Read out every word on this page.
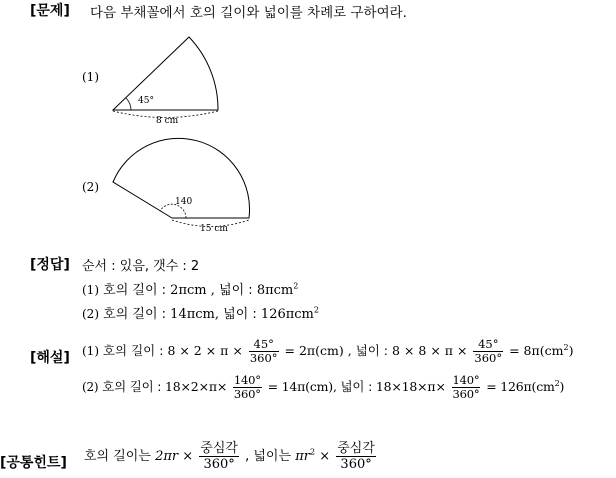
[문제] 다음 부채꼴에서 호의 길이와 넓이를 차례로 구하여라.
(1)
45°
8 cm
(2)
140
15 cm
[정답] 순서 : 있음, 갯수 : 2
(1) 호의 길이 : 2πcm , 넓이 : 8πcm$^2$
(2) 호의 길이 : 14πcm, 넓이 : 126πcm$^2$
[해설] (1) 호의 길이 : $8 \times 2 \times \pi \times \frac{45^\circ}{360^\circ} = 2\pi(cm)$ , 넓이 : $8 \times 8 \times \pi \times \frac{45^\circ}{360^\circ} = 8\pi(cm^2)$
(2) 호의 길이 : $18\times 2\times\pi\times \frac{140^\circ}{360^\circ} = 14\pi(cm)$, 넓이 : $18\times 18\times\pi\times \frac{140^\circ}{360^\circ} = 126\pi(cm^2)$
[공통힌트] 호의 길이는 $2\pi r \times \frac{\text{중심각}}{360^\circ}$ , 넓이는 $\pi r^2 \times \frac{\text{중심각}}{360^\circ}$
